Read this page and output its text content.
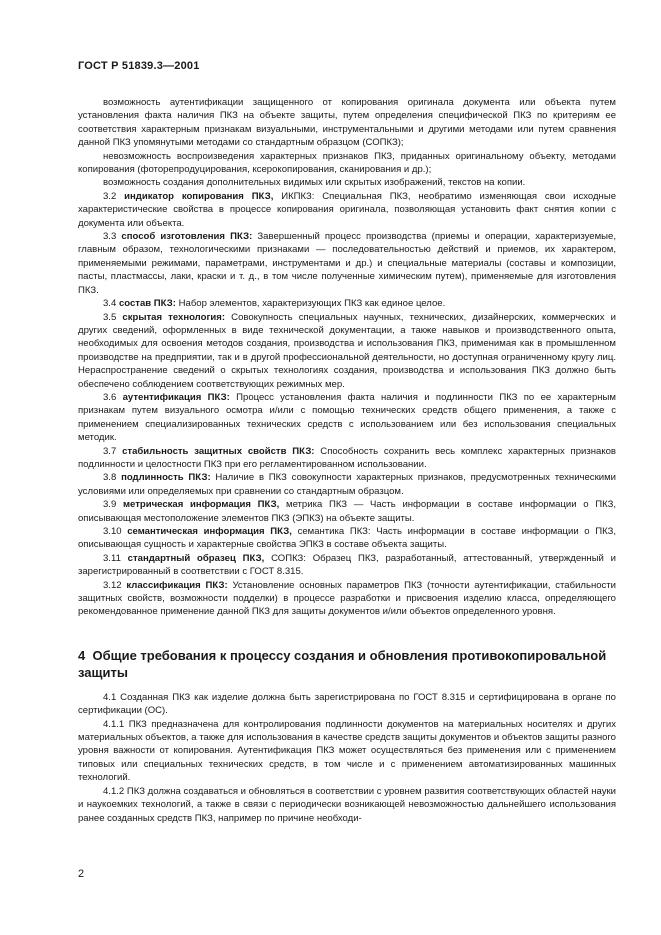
ГОСТ Р 51839.3—2001

возможность аутентификации защищенного от копирования оригинала документа или объекта путем установления факта наличия ПКЗ на объекте защиты, путем определения специфической ПКЗ по критериям ее соответствия характерным признакам визуальными, инструментальными и другими методами или путем сравнения данной ПКЗ упомянутыми методами со стандартным образцом (СОПКЗ);

невозможность воспроизведения характерных признаков ПКЗ, приданных оригинальному объекту, методами копирования (фоторепродуцирования, ксерокопирования, сканирования и др.);

возможность создания дополнительных видимых или скрытых изображений, текстов на копии.

3.2 индикатор копирования ПКЗ, ИКПКЗ: Специальная ПКЗ, необратимо изменяющая свои исходные характеристические свойства в процессе копирования оригинала, позволяющая установить факт снятия копии с документа или объекта.

3.3 способ изготовления ПКЗ: Завершенный процесс производства (приемы и операции, характеризуемые, главным образом, технологическими признаками — последовательностью действий и приемов, их характером, применяемыми режимами, параметрами, инструментами и др.) и специальные материалы (составы и композиции, пасты, пластмассы, лаки, краски и т. д., в том числе полученные химическим путем), применяемые для изготовления ПКЗ.

3.4 состав ПКЗ: Набор элементов, характеризующих ПКЗ как единое целое.

3.5 скрытая технология: Совокупность специальных научных, технических, дизайнерских, коммерческих и других сведений, оформленных в виде технической документации, а также навыков и производственного опыта, необходимых для освоения методов создания, производства и использования ПКЗ, применимая как в промышленном производстве на предприятии, так и в другой профессиональной деятельности, но доступная ограниченному кругу лиц. Нераспространение сведений о скрытых технологиях создания, производства и использования ПКЗ должно быть обеспечено соблюдением соответствующих режимных мер.

3.6 аутентификация ПКЗ: Процесс установления факта наличия и подлинности ПКЗ по ее характерным признакам путем визуального осмотра и/или с помощью технических средств общего применения, а также с применением специализированных технических средств с использованием или без использования специальных методик.

3.7 стабильность защитных свойств ПКЗ: Способность сохранить весь комплекс характерных признаков подлинности и целостности ПКЗ при его регламентированном использовании.

3.8 подлинность ПКЗ: Наличие в ПКЗ совокупности характерных признаков, предусмотренных техническими условиями или определяемых при сравнении со стандартным образцом.

3.9 метрическая информация ПКЗ, метрика ПКЗ — Часть информации в составе информации о ПКЗ, описывающая местоположение элементов ПКЗ (ЭПКЗ) на объекте защиты.

3.10 семантическая информация ПКЗ, семантика ПКЗ: Часть информации в составе информации о ПКЗ, описывающая сущность и характерные свойства ЭПКЗ в составе объекта защиты.

3.11 стандартный образец ПКЗ, СОПКЗ: Образец ПКЗ, разработанный, аттестованный, утвержденный и зарегистрированный в соответствии с ГОСТ 8.315.

3.12 классификация ПКЗ: Установление основных параметров ПКЗ (точности аутентификации, стабильности защитных свойств, возможности подделки) в процессе разработки и присвоения изделию класса, определяющего рекомендованное применение данной ПКЗ для защиты документов и/или объектов определенного уровня.

4 Общие требования к процессу создания и обновления противокопировальной защиты

4.1 Созданная ПКЗ как изделие должна быть зарегистрирована по ГОСТ 8.315 и сертифицирована в органе по сертификации (ОС).

4.1.1 ПКЗ предназначена для контролирования подлинности документов на материальных носителях и других материальных объектов, а также для использования в качестве средств защиты документов и объектов защиты разного уровня важности от копирования. Аутентификация ПКЗ может осуществляться без применения или с применением типовых или специальных технических средств, в том числе и с применением автоматизированных машинных технологий.

4.1.2 ПКЗ должна создаваться и обновляться в соответствии с уровнем развития соответствующих областей науки и наукоемких технологий, а также в связи с периодически возникающей невозможностью дальнейшего использования ранее созданных средств ПКЗ, например по причине необходи-

2
